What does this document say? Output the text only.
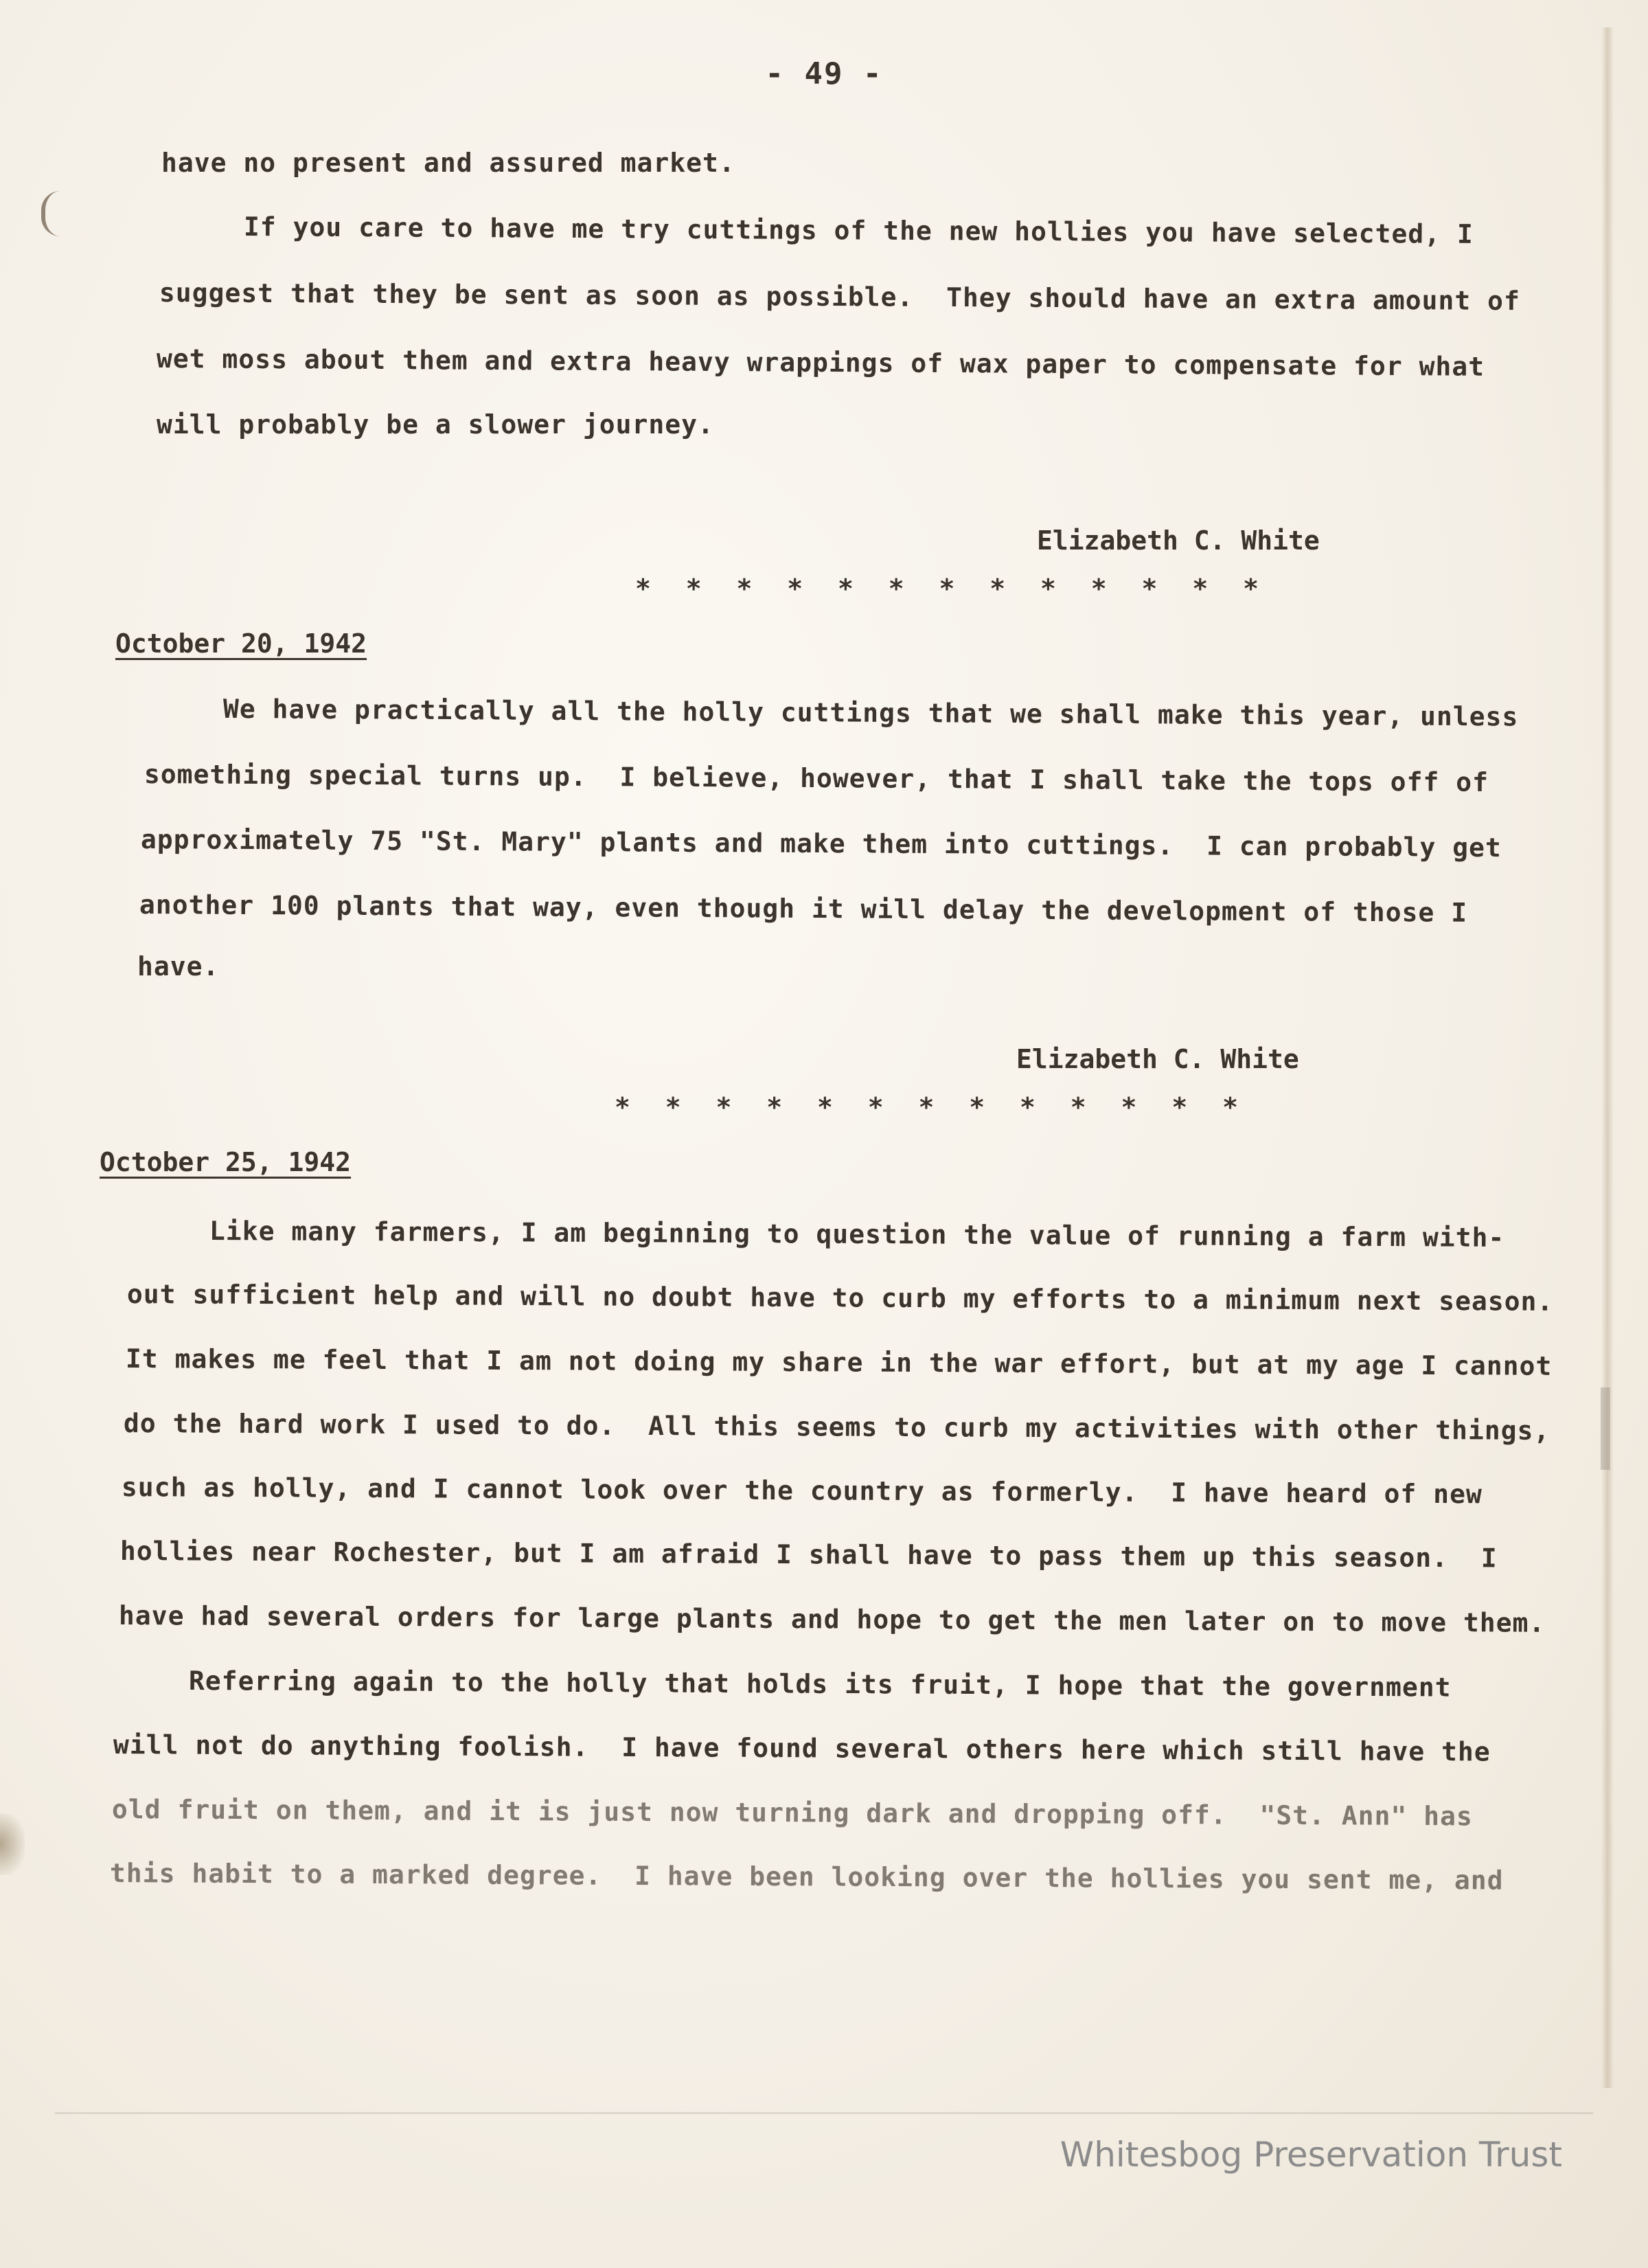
- 49 -
have no present and assured market.
If you care to have me try cuttings of the new hollies you have selected, I
suggest that they be sent as soon as possible.  They should have an extra amount of
wet moss about them and extra heavy wrappings of wax paper to compensate for what
will probably be a slower journey.
Elizabeth C. White
* * * * * * * * * * * * *
October 20, 1942
We have practically all the holly cuttings that we shall make this year, unless
something special turns up.  I believe, however, that I shall take the tops off of
approximately 75 "St. Mary" plants and make them into cuttings.  I can probably get
another 100 plants that way, even though it will delay the development of those I
have.
Elizabeth C. White
* * * * * * * * * * * * *
October 25, 1942
Like many farmers, I am beginning to question the value of running a farm with-
out sufficient help and will no doubt have to curb my efforts to a minimum next season.
It makes me feel that I am not doing my share in the war effort, but at my age I cannot
do the hard work I used to do.  All this seems to curb my activities with other things,
such as holly, and I cannot look over the country as formerly.  I have heard of new
hollies near Rochester, but I am afraid I shall have to pass them up this season.  I
have had several orders for large plants and hope to get the men later on to move them.
Referring again to the holly that holds its fruit, I hope that the government
will not do anything foolish.  I have found several others here which still have the
old fruit on them, and it is just now turning dark and dropping off.  "St. Ann" has
this habit to a marked degree.  I have been looking over the hollies you sent me, and
Whitesbog Preservation Trust
